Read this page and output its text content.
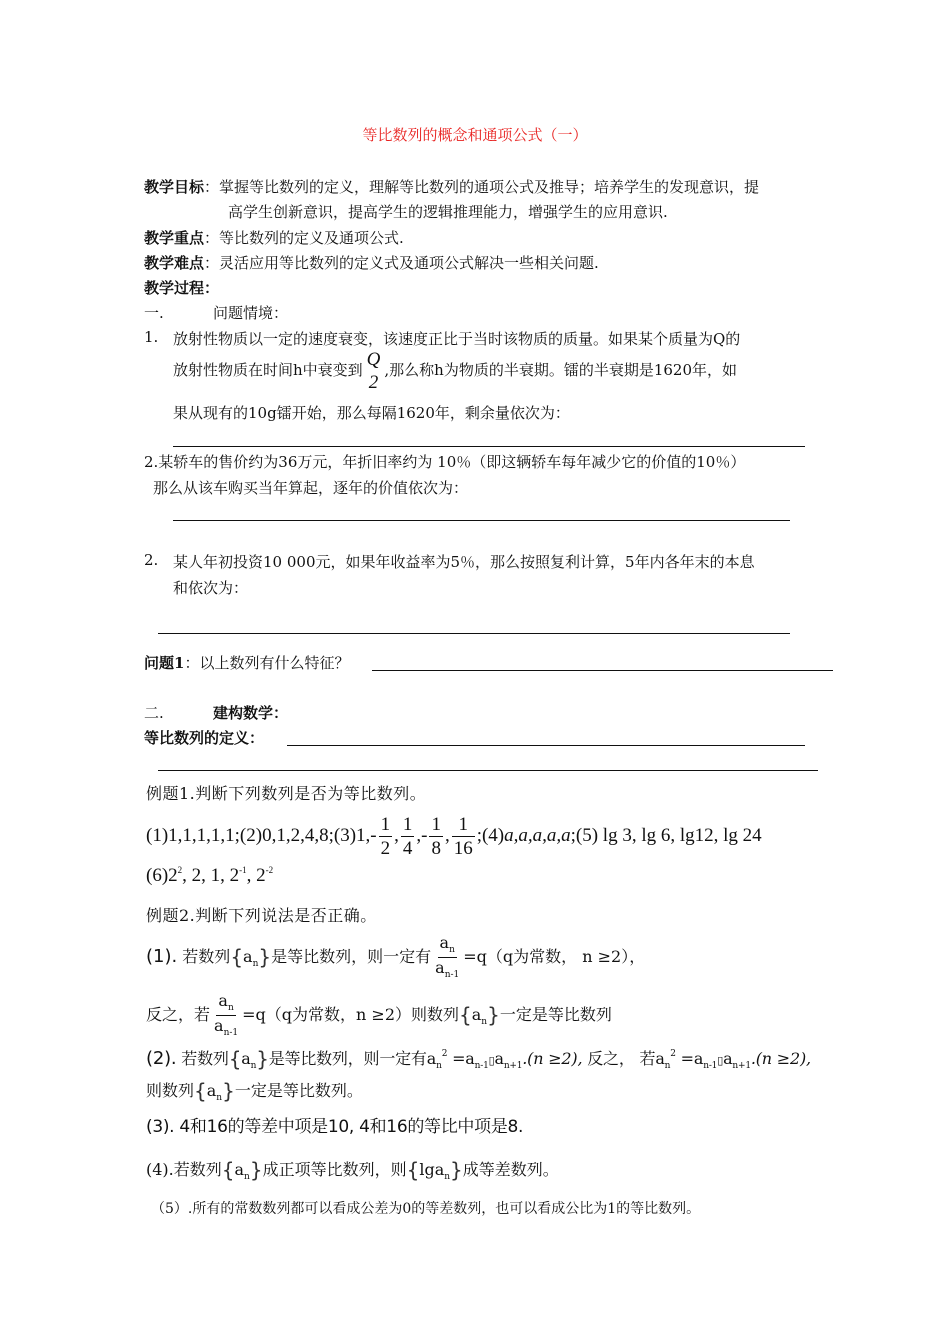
等比数列的概念和通项公式（一）
教学目标：掌握等比数列的定义，理解等比数列的通项公式及推导；培养学生的发现意识，提
高学生创新意识，提高学生的逻辑推理能力，增强学生的应用意识.
教学重点：等比数列的定义及通项公式.
教学难点：灵活应用等比数列的定义式及通项公式解决一些相关问题.
教学过程：
一.	问题情境：
1. 放射性物质以一定的速度衰变，该速度正比于当时该物质的质量。如果某个质量为Q的
放射性物质在时间h中衰变到 Q
2
,那么称h为物质的半衰期。镭的半衰期是1620年，如
果从现有的10g镭开始，那么每隔1620年，剩余量依次为：
2.某轿车的售价约为36万元，年折旧率约为 10％（即这辆轿车每年减少它的价值的10％）
那么从该车购买当年算起，逐年的价值依次为：
2. 某人年初投资10 000元，如果年收益率为5％，那么按照复利计算，5年内各年末的本息
和依次为：
问题1：以上数列有什么特征？
二.	建构数学：
等比数列的定义：
例题1.判断下列数列是否为等比数列。
(1)1,1,1,1,1;(2)0,1,2,4,8;(3)1,- $\frac{1}{2}$ , $\frac{1}{4}$ ,- $\frac{1}{8}$ , $\frac{1}{16}$ ;(4)a,a,a,a,a;(5) lg 3, lg 6, lg12, lg 24
$(6)2^2$, 2, 1, $2^{-1}$, $2^{-2}$
例题2.判断下列说法是否正确。
(1). 若数列$\{a_n\}$是等比数列，则一定有 $\frac{a_n}{a_{n-1}} =q(q$为常数， n ≥2），
反之，若 $\frac{a_n}{a_{n-1}} =q(q$为常数，n ≥2）则数列$\{a_n\}$一定是等比数列
(2). 若数列$\{a_n\}$是等比数列，则一定有$a_n^2$ $=a_{n-1}▯a_{n+1}.(n \ge 2)$, 反之， 若$a_n^2$ $=a_{n-1}▯a_{n+1}.(n \ge 2)$,
则数列$\{a_n\}$一定是等比数列。
(3). 4和16的等差中项是10, 4和16的等比中项是8.
(4).若数列$\{a_n\}$成正项等比数列，则{lga$_n$}成等差数列。
（5）.所有的常数数列都可以看成公差为0的等差数列，也可以看成公比为1的等比数列。
